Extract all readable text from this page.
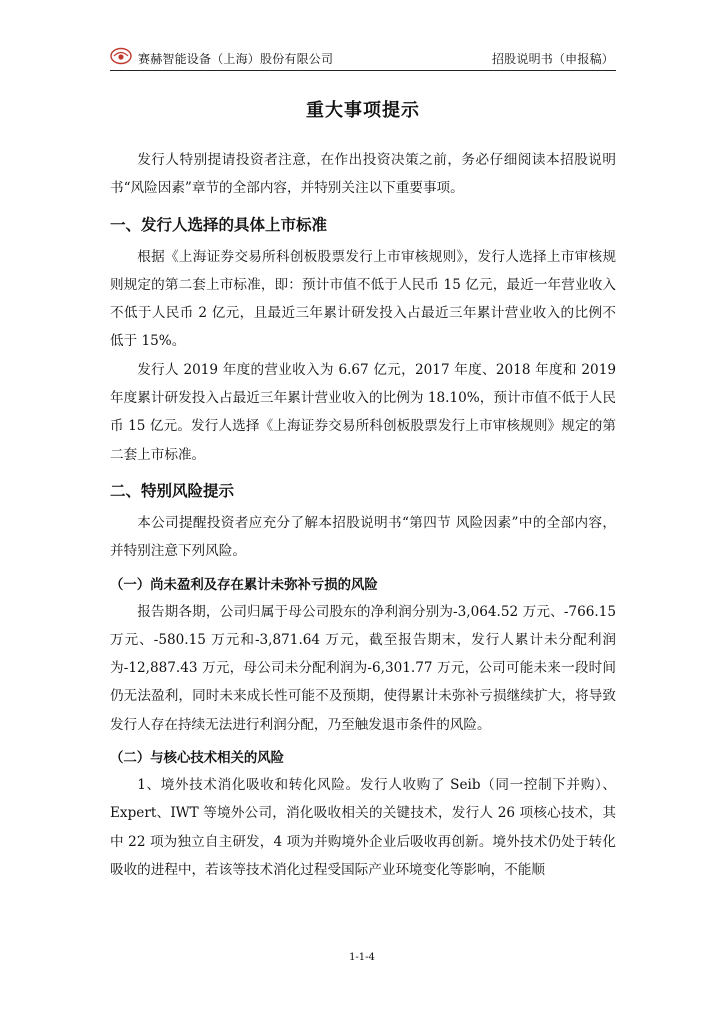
赛赫智能设备（上海）股份有限公司	招股说明书（申报稿）
重大事项提示

发行人特别提请投资者注意，在作出投资决策之前，务必仔细阅读本招股说明书“风险因素”章节的全部内容，并特别关注以下重要事项。

一、发行人选择的具体上市标准

根据《上海证券交易所科创板股票发行上市审核规则》，发行人选择上市审核规则规定的第二套上市标准，即：预计市值不低于人民币 15 亿元，最近一年营业收入不低于人民币 2 亿元，且最近三年累计研发投入占最近三年累计营业收入的比例不低于 15%。

发行人 2019 年度的营业收入为 6.67 亿元，2017 年度、2018 年度和 2019 年度累计研发投入占最近三年累计营业收入的比例为 18.10%，预计市值不低于人民币 15 亿元。发行人选择《上海证券交易所科创板股票发行上市审核规则》规定的第二套上市标准。

二、特别风险提示

本公司提醒投资者应充分了解本招股说明书“第四节 风险因素”中的全部内容，并特别注意下列风险。

（一）尚未盈利及存在累计未弥补亏损的风险

报告期各期，公司归属于母公司股东的净利润分别为-3,064.52 万元、-766.15 万元、-580.15 万元和-3,871.64 万元，截至报告期末，发行人累计未分配利润为-12,887.43 万元，母公司未分配利润为-6,301.77 万元，公司可能未来一段时间仍无法盈利，同时未来成长性可能不及预期，使得累计未弥补亏损继续扩大，将导致发行人存在持续无法进行利润分配，乃至触发退市条件的风险。

（二）与核心技术相关的风险

1、境外技术消化吸收和转化风险。发行人收购了 Seib（同一控制下并购）、Expert、IWT 等境外公司，消化吸收相关的关键技术，发行人 26 项核心技术，其中 22 项为独立自主研发，4 项为并购境外企业后吸收再创新。境外技术仍处于转化吸收的进程中，若该等技术消化过程受国际产业环境变化等影响，不能顺

1-1-4
